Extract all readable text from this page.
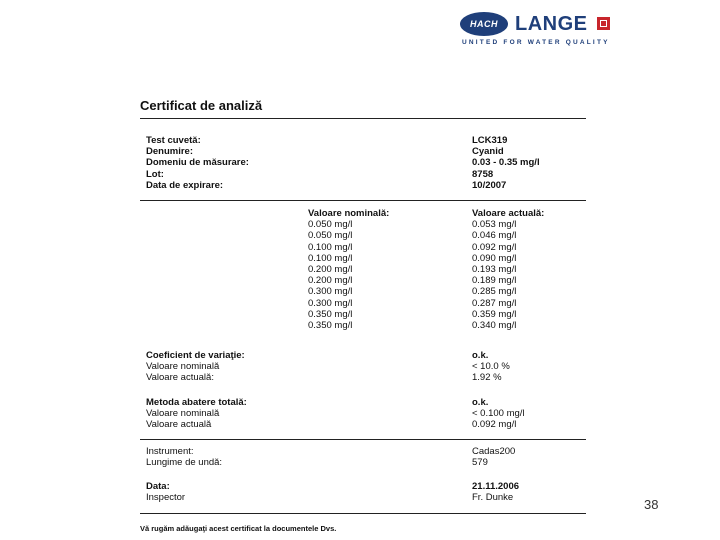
HACH LANGE
UNITED FOR WATER QUALITY
Certificat de analiză
Test cuvetă:
Denumire:
Domeniu de măsurare:
Lot:
Data de expirare:
LCK319
Cyanid
0.03 - 0.35 mg/l
8758
10/2007
Valoare nominală:
0.050 mg/l
0.050 mg/l
0.100 mg/l
0.100 mg/l
0.200 mg/l
0.200 mg/l
0.300 mg/l
0.300 mg/l
0.350 mg/l
0.350 mg/l
Valoare actuală:
0.053 mg/l
0.046 mg/l
0.092 mg/l
0.090 mg/l
0.193 mg/l
0.189 mg/l
0.285 mg/l
0.287 mg/l
0.359 mg/l
0.340 mg/l
Coeficient de variaţie:
Valoare nominală
Valoare actuală:
o.k.
< 10.0 %
1.92 %
Metoda abatere totală:
Valoare nominală
Valoare actuală
o.k.
< 0.100 mg/l
0.092 mg/l
Instrument:
Lungime de undă:
Cadas200
579
Data:
Inspector
21.11.2006
Fr. Dunke
Vă rugăm adăugaţi acest certificat la documentele Dvs.
38
